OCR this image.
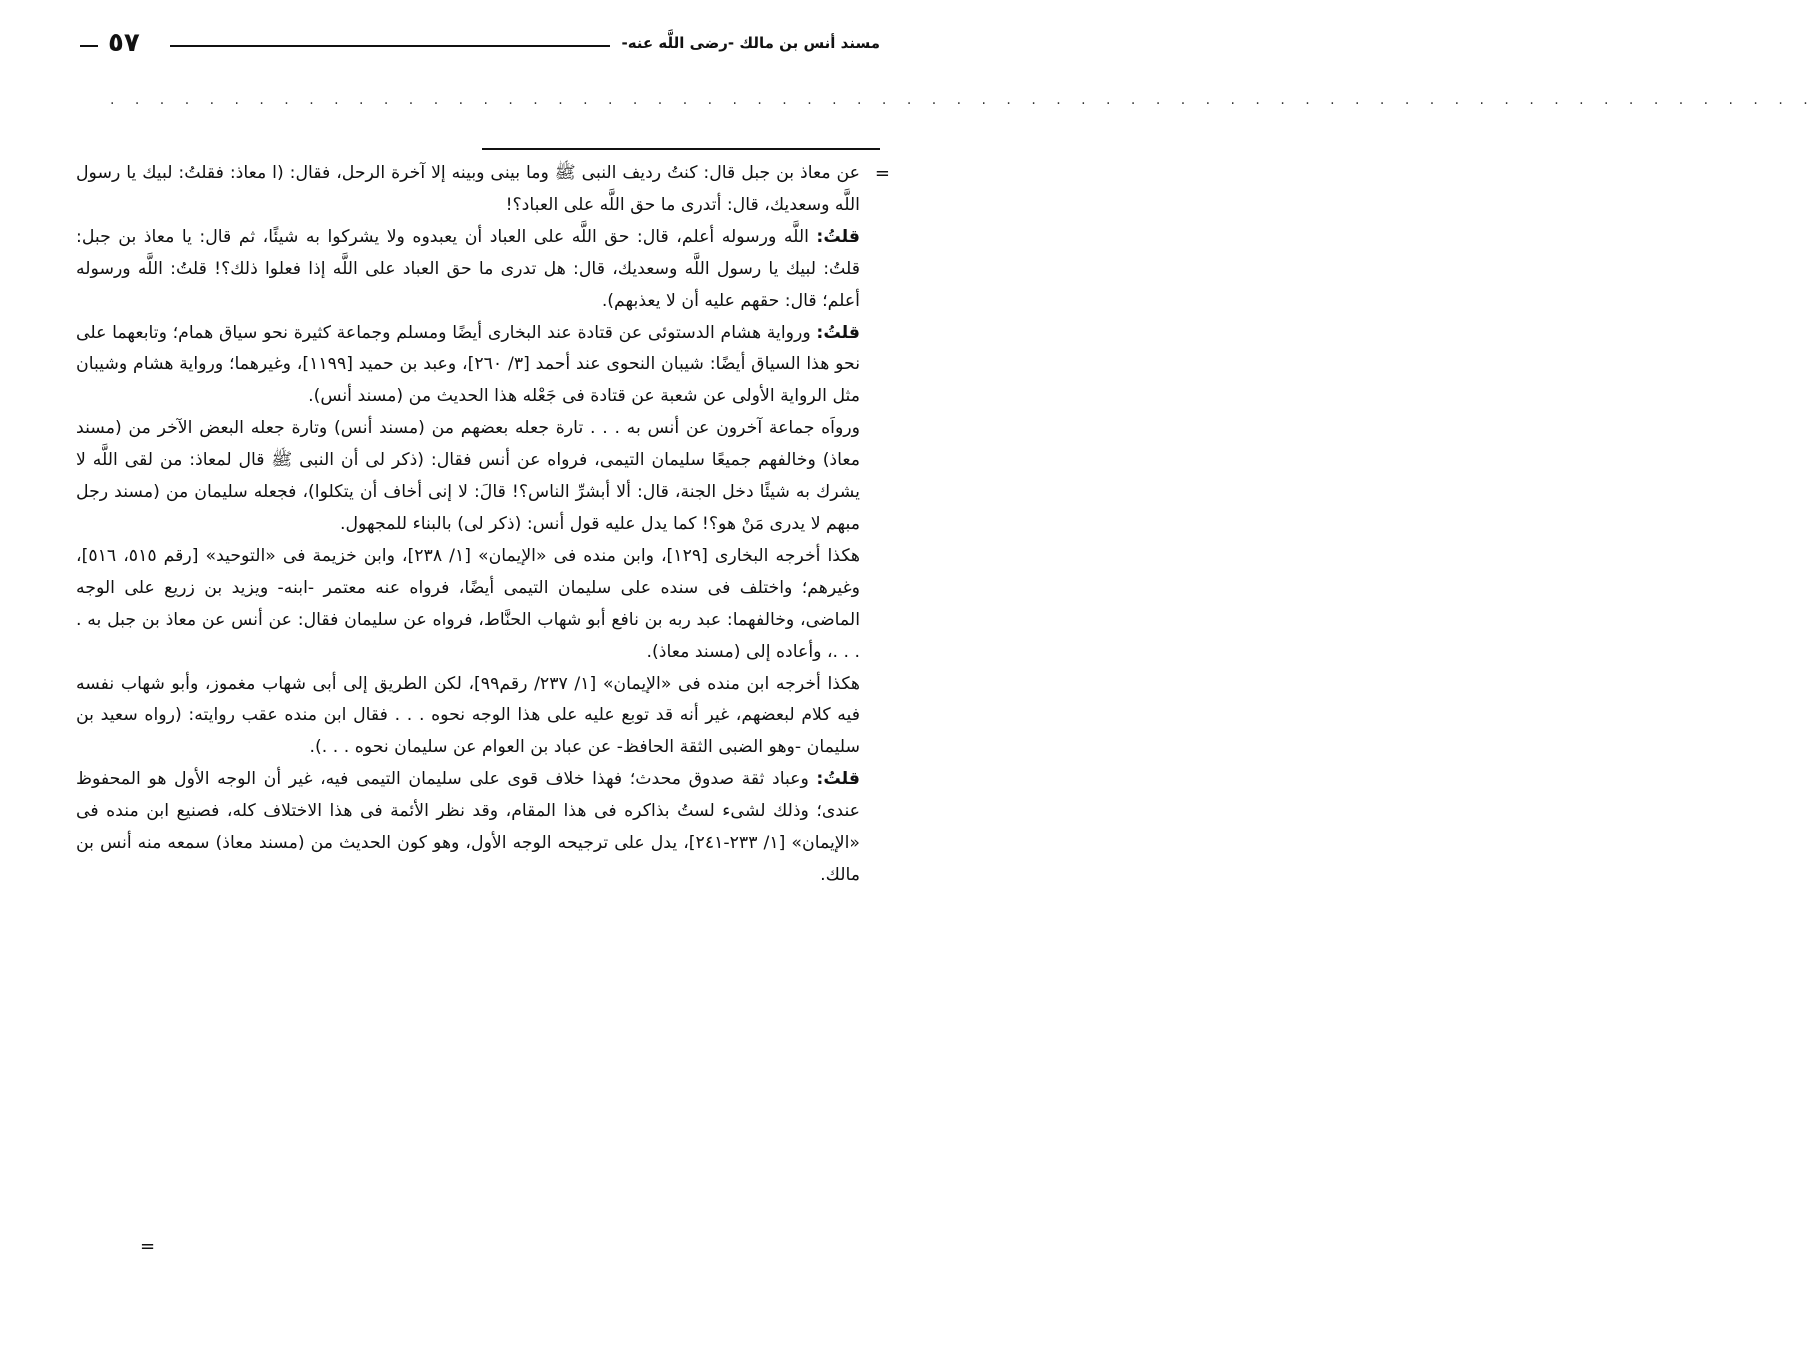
٥٧	مسند أنس بن مالك -رضى اللَّه عنه-
. . . . . . . . . . . . . . . . . . . . . . . . . . . . . . . . . . . . . . . . . . . . . . . . . . . . . . . . . . . . . . . . . . . . .
=

عن معاذ بن جبل قال: كنتُ رديف النبى ﷺ وما بينى وبينه إلا آخرة الرحل، فقال: (ا معاذ: فقلتُ: لبيك يا رسول اللَّه وسعديك، قال: أتدرى ما حق اللَّه على العباد؟!

قلتُ: اللَّه ورسوله أعلم، قال: حق اللَّه على العباد أن يعبدوه ولا يشركوا به شيئًا، ثم قال: يا معاذ بن جبل: قلتُ: لبيك يا رسول اللَّه وسعديك، قال: هل تدرى ما حق العباد على اللَّه إذا فعلوا ذلك؟! قلتُ: اللَّه ورسوله أعلم؛ قال: حقهم عليه أن لا يعذبهم).

قلتُ: ورواية هشام الدستوئى عن قتادة عند البخارى أيضًا ومسلم وجماعة كثيرة نحو سياق همام؛ وتابعهما على نحو هذا السياق أيضًا: شيبان النحوى عند أحمد [٣/ ٢٦٠]، وعبد بن حميد [١١٩٩]، وغيرهما؛ ورواية هشام وشيبان مثل الرواية الأولى عن شعبة عن قتادة فى جَعْله هذا الحديث من (مسند أنس).

ورواَه جماعة آخرون عن أنس به . . . تارة جعله بعضهم من (مسند أنس) وتارة جعله البعض الآخر من (مسند معاذ) وخالفهم جميعًا سليمان التيمى، فرواه عن أنس فقال: (ذكر لى أن النبى ﷺ قال لمعاذ: من لقى اللَّه لا يشرك به شيئًا دخل الجنة، قال: ألا أبشرِّ الناس؟! قالَ: لا إنى أخاف أن يتكلوا)، فجعله سليمان من (مسند رجل مبهم لا يدرى مَنْ هو؟! كما يدل عليه قول أنس: (ذكر لى) بالبناء للمجهول.

هكذا أخرجه البخارى [١٢٩]، وابن منده فى «الإيمان» [١/ ٢٣٨]، وابن خزيمة فى «التوحيد» [رقم ٥١٥، ٥١٦]، وغيرهم؛ واختلف فى سنده على سليمان التيمى أيضًا، فرواه عنه معتمر -ابنه- ويزيد بن زريع على الوجه الماضى، وخالفهما: عبد ربه بن نافع أبو شهاب الحنَّاط، فرواه عن سليمان فقال: عن أنس عن معاذ بن جبل به . . . .، وأعاده إلى (مسند معاذ).

هكذا أخرجه ابن منده فى «الإيمان» [١/ ٢٣٧/ رقم٩٩]، لكن الطريق إلى أبى شهاب مغموز، وأبو شهاب نفسه فيه كلام لبعضهم، غير أنه قد توبع عليه على هذا الوجه نحوه . . . فقال ابن منده عقب روايته: (رواه سعيد بن سليمان -وهو الضبى الثقة الحافظ- عن عباد بن العوام عن سليمان نحوه . . .).

قلتُ: وعباد ثقة صدوق محدث؛ فهذا خلاف قوى على سليمان التيمى فيه، غير أن الوجه الأول هو المحفوظ عندى؛ وذلك لشىء لستُ بذاكره فى هذا المقام، وقد نظر الأئمة فى هذا الاختلاف كله، فصنيع ابن منده فى «الإيمان» [١/ ٢٣٣-٢٤١]، يدل على ترجيحه الوجه الأول، وهو كون الحديث من (مسند معاذ) سمعه منه أنس بن مالك.

=
